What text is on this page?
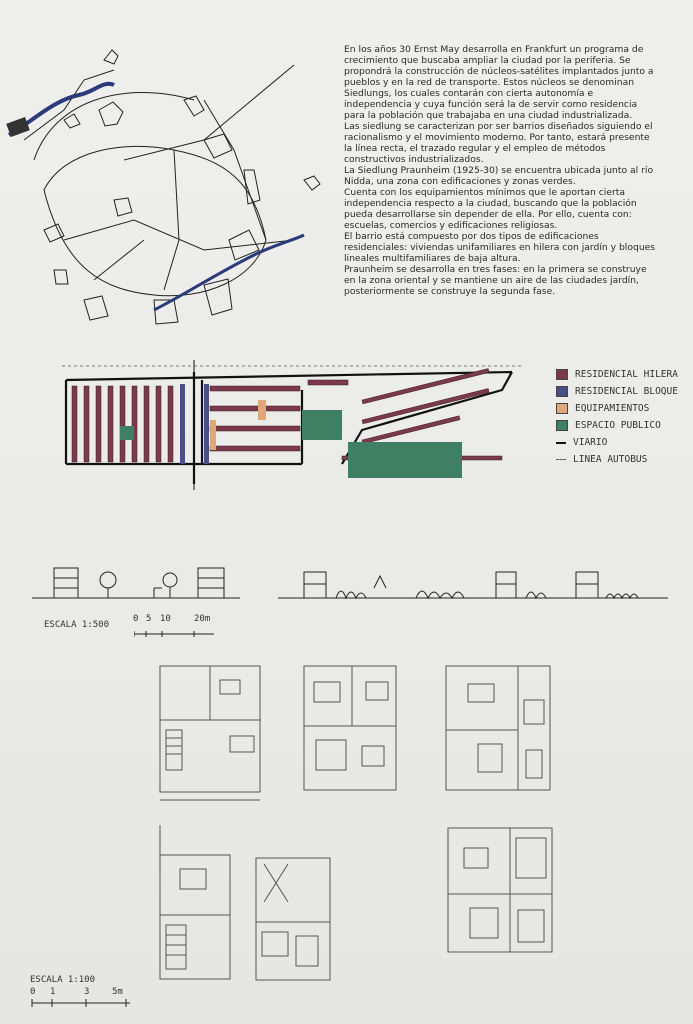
En los años 30 Ernst May desarrolla en Frankfurt un programa de crecimiento que buscaba ampliar la ciudad por la periferia. Se propondrá la construcción de núcleos-satélites implantados junto a pueblos y en la red de transporte. Estos núcleos se denominan Siedlungs, los cuales contarán con cierta autonomía e independencia y cuya función será la de servir como residencia para la población que trabajaba en una ciudad industrializada.

Las siedlung se caracterizan por ser barrios diseñados siguiendo el racionalismo y el movimiento moderno. Por tanto, estará presente la línea recta, el trazado regular y el empleo de métodos constructivos industrializados.

La Siedlung Praunheim (1925-30) se encuentra ubicada junto al río Nidda, una zona con edificaciones y zonas verdes.

Cuenta con los equipamientos mínimos que le aportan cierta independencia respecto a la ciudad, buscando que la población pueda desarrollarse sin depender de ella. Por ello, cuenta con: escuelas, comercios y edificaciones religiosas.

El barrio está compuesto por dos tipos de edificaciones residenciales: viviendas unifamiliares en hilera con jardín y bloques lineales multifamiliares de baja altura.

Praunheim se desarrolla en tres fases: en la primera se construye en la zona oriental y se mantiene un aire de las ciudades jardín, posteriormente se construye la segunda fase.

RESIDENCIAL HILERA
RESIDENCIAL BLOQUE
EQUIPAMIENTOS
ESPACIO PUBLICO
VIARIO
LINEA AUTOBUS
ESCALA 1:500
0 5 10	20m
ESCALA 1:100
0 1	3	5m
